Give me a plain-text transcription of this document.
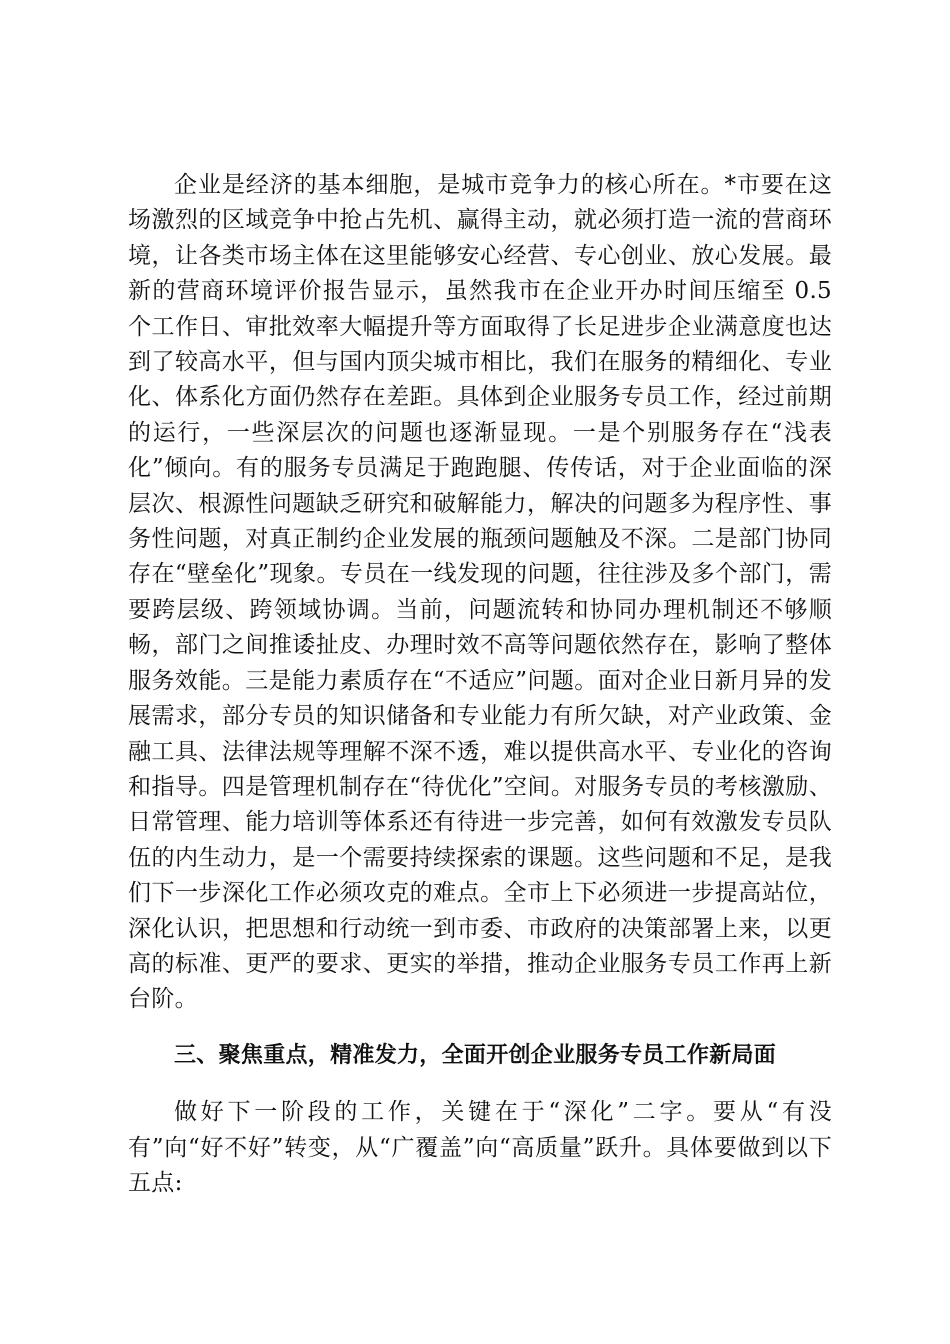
企业是经济的基本细胞，是城市竞争力的核心所在。*市要在这场激烈的区域竞争中抢占先机、赢得主动，就必须打造一流的营商环境，让各类市场主体在这里能够安心经营、专心创业、放心发展。最新的营商环境评价报告显示，虽然我市在企业开办时间压缩至 0.5 个工作日、审批效率大幅提升等方面取得了长足进步企业满意度也达到了较高水平，但与国内顶尖城市相比，我们在服务的精细化、专业化、体系化方面仍然存在差距。具体到企业服务专员工作，经过前期的运行，一些深层次的问题也逐渐显现。一是个别服务存在“浅表化”倾向。有的服务专员满足于跑跑腿、传传话，对于企业面临的深层次、根源性问题缺乏研究和破解能力，解决的问题多为程序性、事务性问题，对真正制约企业发展的瓶颈问题触及不深。二是部门协同存在“壁垒化”现象。专员在一线发现的问题，往往涉及多个部门，需要跨层级、跨领域协调。当前，问题流转和协同办理机制还不够顺畅，部门之间推诿扯皮、办理时效不高等问题依然存在，影响了整体服务效能。三是能力素质存在“不适应”问题。面对企业日新月异的发展需求，部分专员的知识储备和专业能力有所欠缺，对产业政策、金融工具、法律法规等理解不深不透，难以提供高水平、专业化的咨询和指导。四是管理机制存在“待优化”空间。对服务专员的考核激励、日常管理、能力培训等体系还有待进一步完善，如何有效激发专员队伍的内生动力，是一个需要持续探索的课题。这些问题和不足，是我们下一步深化工作必须攻克的难点。全市上下必须进一步提高站位，深化认识，把思想和行动统一到市委、市政府的决策部署上来，以更高的标准、更严的要求、更实的举措，推动企业服务专员工作再上新台阶。

三、聚焦重点，精准发力，全面开创企业服务专员工作新局面

做好下一阶段的工作，关键在于“深化”二字。要从“有没有”向“好不好”转变，从“广覆盖”向“高质量”跃升。具体要做到以下五点:
